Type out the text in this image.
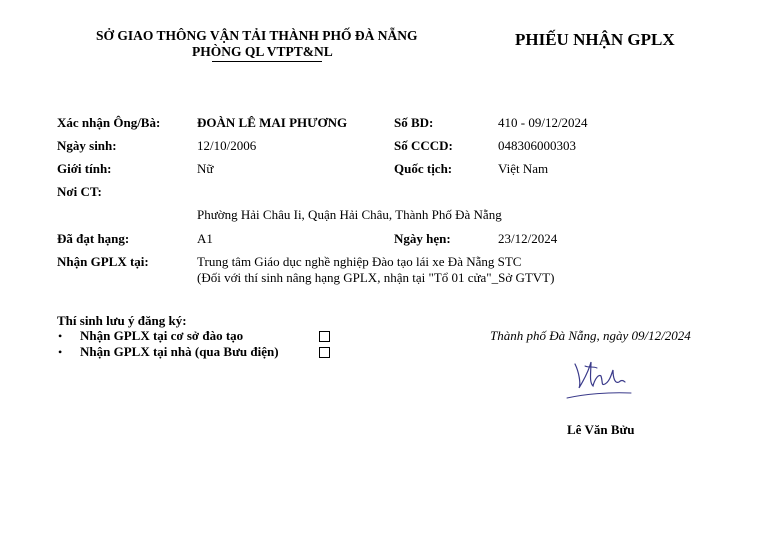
SỞ GIAO THÔNG VẬN TẢI THÀNH PHỐ ĐÀ NẴNG
PHÒNG QL VTPT&NL
PHIẾU NHẬN GPLX
Xác nhận Ông/Bà:	ĐOÀN LÊ MAI PHƯƠNG	Số BD:	410 - 09/12/2024
Ngày sinh:	12/10/2006	Số CCCD:	048306000303
Giới tính:	Nữ	Quốc tịch:	Việt Nam
Nơi CT:
Phường Hải Châu Ii, Quận Hải Châu, Thành Phố Đà Nẵng
Đã đạt hạng:	A1	Ngày hẹn:	23/12/2024
Nhận GPLX tại:	Trung tâm Giáo dục nghề nghiệp Đào tạo lái xe Đà Nẵng STC
(Đối với thí sinh nâng hạng GPLX, nhận tại "Tổ 01 cửa"_Sở GTVT)
Thí sinh lưu ý đăng ký:
• Nhận GPLX tại cơ sở đào tạo
• Nhận GPLX tại nhà (qua Bưu điện)
Thành phố Đà Nẵng, ngày 09/12/2024
Lê Văn Bửu
